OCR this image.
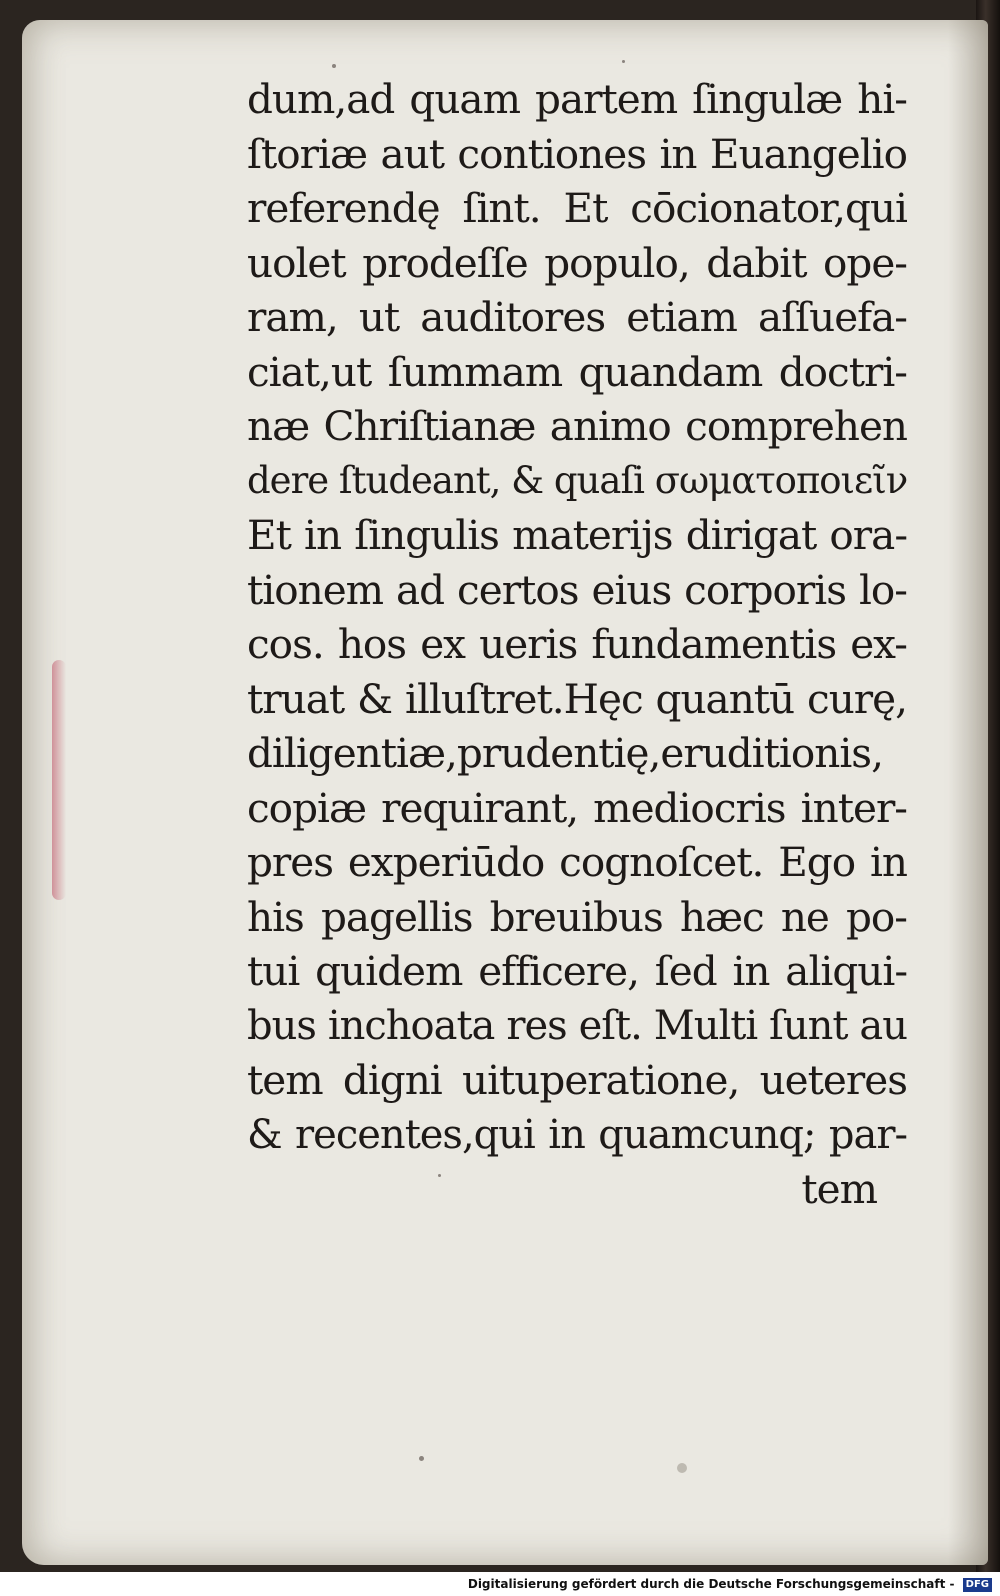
dum,ad quam partem ſingulæ hi-
ſtoriæ aut contiones in Euangelio
referendę ſint. Et cōcionator,qui
uolet prodeſſe populo, dabit ope-
ram, ut auditores etiam aſſuefa-
ciat,ut ſummam quandam doctri-
næ Chriſtianæ animo comprehen
dere ſtudeant, & quaſi σωματοποιεῖν
Et in ſingulis materijs dirigat ora-
tionem ad certos eius corporis lo-
cos. hos ex ueris fundamentis ex-
truat & illuſtret.Hęc quantū curę,
diligentiæ,prudentię,eruditionis,
copiæ requirant, mediocris inter-
pres experiūdo cognoſcet. Ego in
his pagellis breuibus hæc ne po-
tui quidem efficere, ſed in aliqui-
bus inchoata res eſt. Multi ſunt au
tem digni uituperatione, ueteres
& recentes,qui in quamcunq; par-
tem
Digitalisierung gefördert durch die Deutsche Forschungsgemeinschaft - DFG
